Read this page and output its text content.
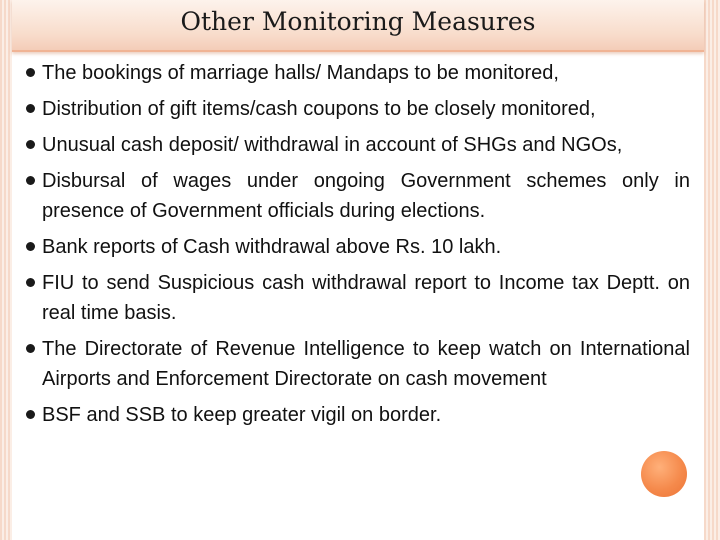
Other Monitoring Measures
The bookings of marriage halls/ Mandaps to be monitored,
Distribution of gift items/cash coupons to be closely monitored,
Unusual cash deposit/ withdrawal in account of SHGs and NGOs,
Disbursal of wages under ongoing Government schemes only in presence of Government officials during elections.
Bank reports of Cash withdrawal above Rs. 10 lakh.
FIU to send Suspicious cash withdrawal report to Income tax Deptt. on real time basis.
The Directorate of Revenue Intelligence to keep watch on International Airports and Enforcement Directorate on cash movement
BSF and SSB to keep greater vigil on border.
